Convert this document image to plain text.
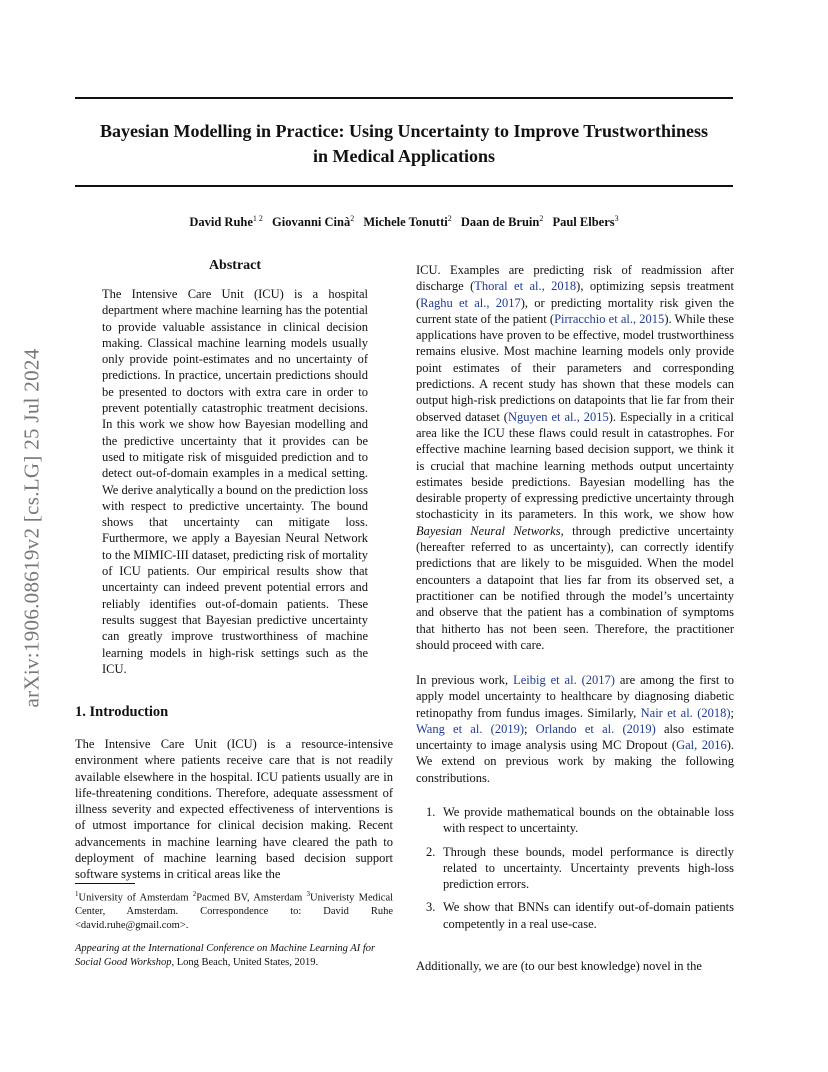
Bayesian Modelling in Practice: Using Uncertainty to Improve Trustworthiness
in Medical Applications
David Ruhe$^{1 2}$ Giovanni Cinà$^2$ Michele Tonutti$^2$ Daan de Bruin$^2$ Paul Elbers$^3$
arXiv:1906.08619v2 [cs.LG] 25 Jul 2024
Abstract

The Intensive Care Unit (ICU) is a hospital department where machine learning has the potential to provide valuable assistance in clinical decision making. Classical machine learning models usually only provide point-estimates and no uncertainty of predictions. In practice, uncertain predictions should be presented to doctors with extra care in order to prevent potentially catastrophic treatment decisions. In this work we show how Bayesian modelling and the predictive uncertainty that it provides can be used to mitigate risk of misguided prediction and to detect out-of-domain examples in a medical setting. We derive analytically a bound on the prediction loss with respect to predictive uncertainty. The bound shows that uncertainty can mitigate loss. Furthermore, we apply a Bayesian Neural Network to the MIMIC-III dataset, predicting risk of mortality of ICU patients. Our empirical results show that uncertainty can indeed prevent potential errors and reliably identifies out-of-domain patients. These results suggest that Bayesian predictive uncertainty can greatly improve trustworthiness of machine learning models in high-risk settings such as the ICU.

1. Introduction

The Intensive Care Unit (ICU) is a resource-intensive environment where patients receive care that is not readily available elsewhere in the hospital. ICU patients usually are in life-threatening conditions. Therefore, adequate assessment of illness severity and expected effectiveness of interventions is of utmost importance for clinical decision making. Recent advancements in machine learning have cleared the path to deployment of machine learning based decision support software systems in critical areas like the

$^1$University of Amsterdam $^2$Pacmed BV, Amsterdam $^3$Univeristy Medical Center, Amsterdam. Correspondence to: David Ruhe <david.ruhe@gmail.com>.

Appearing at the International Conference on Machine Learning AI for Social Good Workshop, Long Beach, United States, 2019.

ICU. Examples are predicting risk of readmission after discharge (Thoral et al., 2018), optimizing sepsis treatment (Raghu et al., 2017), or predicting mortality risk given the current state of the patient (Pirracchio et al., 2015). While these applications have proven to be effective, model trustworthiness remains elusive. Most machine learning models only provide point estimates of their parameters and corresponding predictions. A recent study has shown that these models can output high-risk predictions on datapoints that lie far from their observed dataset (Nguyen et al., 2015). Especially in a critical area like the ICU these flaws could result in catastrophes. For effective machine learning based decision support, we think it is crucial that machine learning methods output uncertainty estimates beside predictions. Bayesian modelling has the desirable property of expressing predictive uncertainty through stochasticity in its parameters. In this work, we show how Bayesian Neural Networks, through predictive uncertainty (hereafter referred to as uncertainty), can correctly identify predictions that are likely to be misguided. When the model encounters a datapoint that lies far from its observed set, a practitioner can be notified through the model’s uncertainty and observe that the patient has a combination of symptoms that hitherto has not been seen. Therefore, the practitioner should proceed with care.

In previous work, Leibig et al. (2017) are among the first to apply model uncertainty to healthcare by diagnosing diabetic retinopathy from fundus images. Similarly, Nair et al. (2018); Wang et al. (2019); Orlando et al. (2019) also estimate uncertainty to image analysis using MC Dropout (Gal, 2016). We extend on previous work by making the following constributions.

1. We provide mathematical bounds on the obtainable loss with respect to uncertainty.
2. Through these bounds, model performance is directly related to uncertainty. Uncertainty prevents high-loss prediction errors.
3. We show that BNNs can identify out-of-domain patients competently in a real use-case.

Additionally, we are (to our best knowledge) novel in the
